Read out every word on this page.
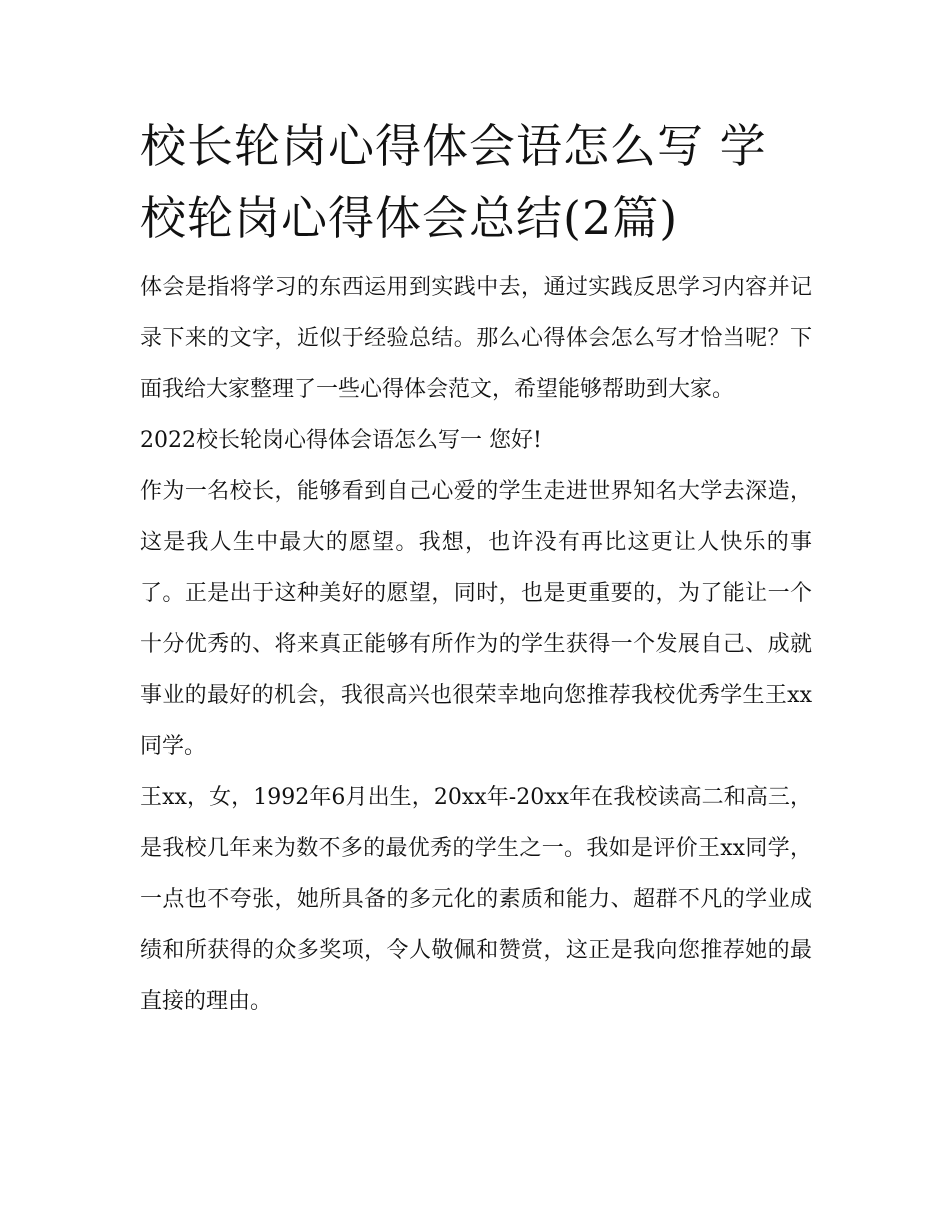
校长轮岗心得体会语怎么写 学校轮岗心得体会总结(2篇)

体会是指将学习的东西运用到实践中去，通过实践反思学习内容并记录下来的文字，近似于经验总结。那么心得体会怎么写才恰当呢？下面我给大家整理了一些心得体会范文，希望能够帮助到大家。

2022校长轮岗心得体会语怎么写一 您好!

作为一名校长，能够看到自己心爱的学生走进世界知名大学去深造，这是我人生中最大的愿望。我想，也许没有再比这更让人快乐的事了。正是出于这种美好的愿望，同时，也是更重要的，为了能让一个十分优秀的、将来真正能够有所作为的学生获得一个发展自己、成就事业的最好的机会，我很高兴也很荣幸地向您推荐我校优秀学生王xx同学。

王xx，女，1992年6月出生，20xx年-20xx年在我校读高二和高三，是我校几年来为数不多的最优秀的学生之一。我如是评价王xx同学，一点也不夸张，她所具备的多元化的素质和能力、超群不凡的学业成绩和所获得的众多奖项，令人敬佩和赞赏，这正是我向您推荐她的最直接的理由。
